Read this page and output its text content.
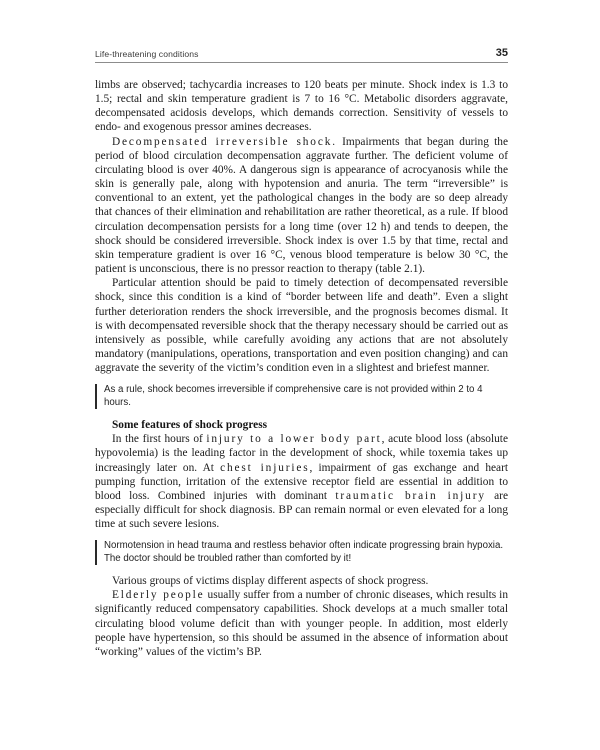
Life-threatening conditions	35

limbs are observed; tachycardia increases to 120 beats per minute. Shock index is 1.3 to 1.5; rectal and skin temperature gradient is 7 to 16 °C. Metabolic disorders aggravate, decompensated acidosis develops, which demands correction. Sensitivity of vessels to endo- and exogenous pressor amines decreases.

Decompensated irreversible shock. Impairments that began during the period of blood circulation decompensation aggravate further. The deficient volume of circulating blood is over 40%. A dangerous sign is appearance of acrocyanosis while the skin is generally pale, along with hypotension and anuria. The term “irreversible” is conventional to an extent, yet the pathological changes in the body are so deep already that chances of their elimination and rehabilitation are rather theoretical, as a rule. If blood circulation decompensation persists for a long time (over 12 h) and tends to deepen, the shock should be considered irreversible. Shock index is over 1.5 by that time, rectal and skin temperature gradient is over 16 °C, venous blood temperature is below 30 °C, the patient is unconscious, there is no pressor reaction to therapy (table 2.1).

Particular attention should be paid to timely detection of decompensated reversible shock, since this condition is a kind of “border between life and death”. Even a slight further deterioration renders the shock irreversible, and the prognosis becomes dismal. It is with decompensated reversible shock that the therapy necessary should be carried out as intensively as possible, while carefully avoiding any actions that are not absolutely mandatory (manipulations, operations, transportation and even position changing) and can aggravate the severity of the victim’s condition even in a slightest and briefest manner.

As a rule, shock becomes irreversible if comprehensive care is not provided within 2 to 4 hours.

Some features of shock progress

In the first hours of injury to a lower body part, acute blood loss (absolute hypovolemia) is the leading factor in the development of shock, while toxemia takes up increasingly later on. At chest injuries, impairment of gas exchange and heart pumping function, irritation of the extensive receptor field are essential in addition to blood loss. Combined injuries with dominant traumatic brain injury are especially difficult for shock diagnosis. BP can remain normal or even elevated for a long time at such severe lesions.

Normotension in head trauma and restless behavior often indicate progressing brain hypoxia. The doctor should be troubled rather than comforted by it!

Various groups of victims display different aspects of shock progress.

Elderly people usually suffer from a number of chronic diseases, which results in significantly reduced compensatory capabilities. Shock develops at a much smaller total circulating blood volume deficit than with younger people. In addition, most elderly people have hypertension, so this should be assumed in the absence of information about “working” values of the victim’s BP.
